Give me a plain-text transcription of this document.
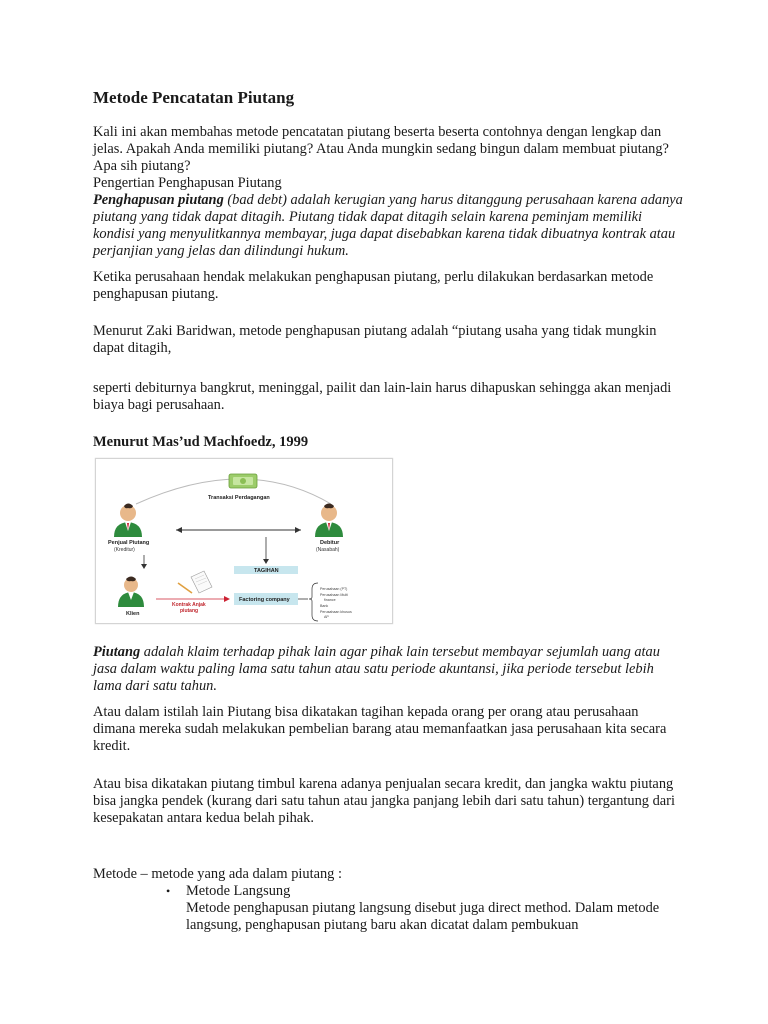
Metode Pencatatan Piutang

Kali ini akan membahas metode pencatatan piutang beserta beserta contohnya dengan lengkap dan jelas. Apakah Anda memiliki piutang? Atau Anda mungkin sedang bingun dalam membuat piutang? Apa sih piutang?

Pengertian Penghapusan Piutang

Penghapusan piutang (bad debt) adalah kerugian yang harus ditanggung perusahaan karena adanya piutang yang tidak dapat ditagih. Piutang tidak dapat ditagih selain karena peminjam memiliki kondisi yang menyulitkannya membayar, juga dapat disebabkan karena tidak dibuatnya kontrak atau perjanjian yang jelas dan dilindungi hukum.

Ketika perusahaan hendak melakukan penghapusan piutang, perlu dilakukan berdasarkan metode penghapusan piutang.

Menurut Zaki Baridwan, metode penghapusan piutang adalah “piutang usaha yang tidak mungkin dapat ditagih,

seperti debiturnya bangkrut, meninggal, pailit dan lain-lain harus dihapuskan sehingga akan menjadi biaya bagi perusahaan.

Menurut Mas’ud Machfoedz, 1999
Transaksi Perdagangan
Penjual Piutang
(Kreditur)
Debitur
(Nasabah)
TAGIHAN
Klien
Kontrak Anjak
piutang
Factoring company
Perusahaan (PT)
Perusahaan Multi
finance
Bank
Perusahaan khusus
AP

Piutang adalah klaim terhadap pihak lain agar pihak lain tersebut membayar sejumlah uang atau jasa dalam waktu paling lama satu tahun atau satu periode akuntansi, jika periode tersebut lebih lama dari satu tahun.

Atau dalam istilah lain Piutang bisa dikatakan tagihan kepada orang per orang atau perusahaan dimana mereka sudah melakukan pembelian barang atau memanfaatkan jasa perusahaan kita secara kredit.

Atau bisa dikatakan piutang timbul karena adanya penjualan secara kredit, dan jangka waktu piutang bisa jangka pendek (kurang dari satu tahun atau jangka panjang lebih dari satu tahun) tergantung dari kesepakatan antara kedua belah pihak.

Metode – metode yang ada dalam piutang :

• Metode Langsung

Metode penghapusan piutang langsung disebut juga direct method. Dalam metode langsung, penghapusan piutang baru akan dicatat dalam pembukuan
